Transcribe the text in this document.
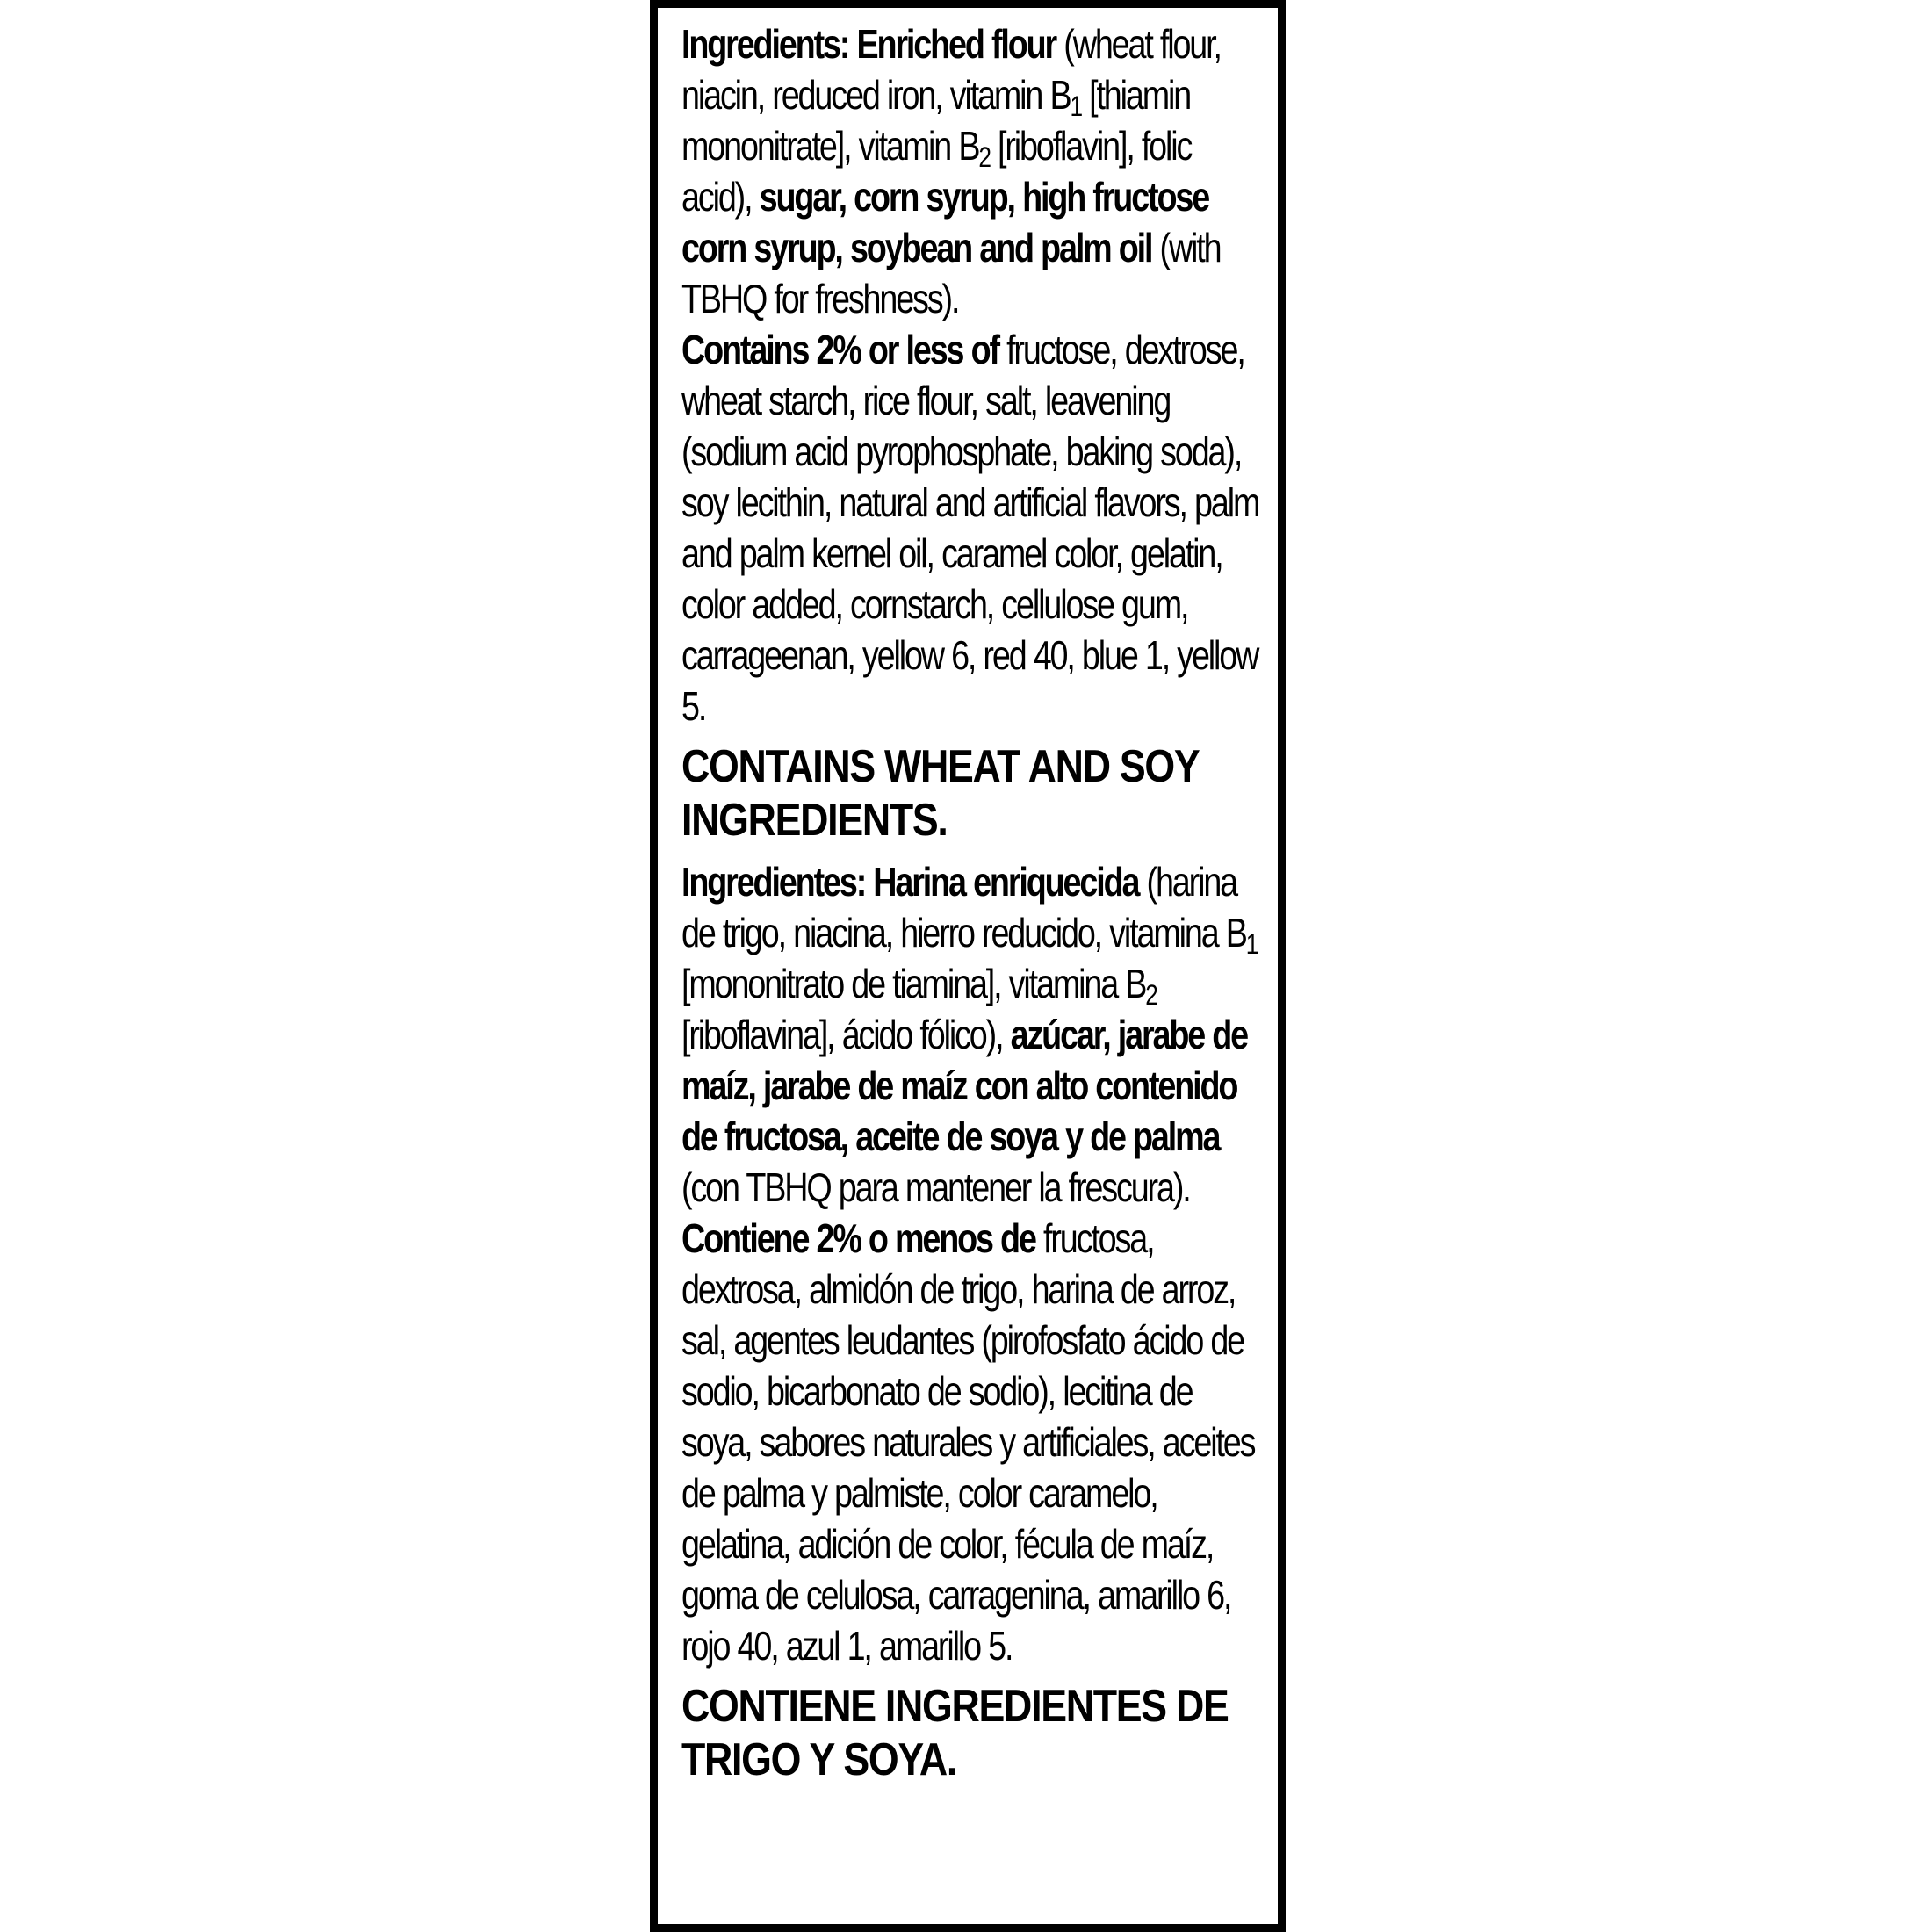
Ingredients: Enriched flour (wheat flour, niacin, reduced iron, vitamin $B_1$ [thiamin mononitrate], vitamin $B_2$ [riboflavin], folic acid), sugar, corn syrup, high fructose corn syrup, soybean and palm oil (with TBHQ for freshness).
Contains 2% or less of fructose, dextrose, wheat starch, rice flour, salt, leavening (sodium acid pyrophosphate, baking soda), soy lecithin, natural and artificial flavors, palm and palm kernel oil, caramel color, gelatin, color added, cornstarch, cellulose gum, carrageenan, yellow 6, red 40, blue 1, yellow 5.
CONTAINS WHEAT AND SOY INGREDIENTS.
Ingredientes: Harina enriquecida (harina de trigo, niacina, hierro reducido, vitamina $B_1$ [mononitrato de tiamina], vitamina $B_2$ [riboflavina], ácido fólico), azúcar, jarabe de maíz, jarabe de maíz con alto contenido de fructosa, aceite de soya y de palma (con TBHQ para mantener la frescura).
Contiene 2% o menos de fructosa, dextrosa, almidón de trigo, harina de arroz, sal, agentes leudantes (pirofosfato ácido de sodio, bicarbonato de sodio), lecitina de soya, sabores naturales y artificiales, aceites de palma y palmiste, color caramelo, gelatina, adición de color, fécula de maíz, goma de celulosa, carragenina, amarillo 6, rojo 40, azul 1, amarillo 5.
CONTIENE INGREDIENTES DE TRIGO Y SOYA.
